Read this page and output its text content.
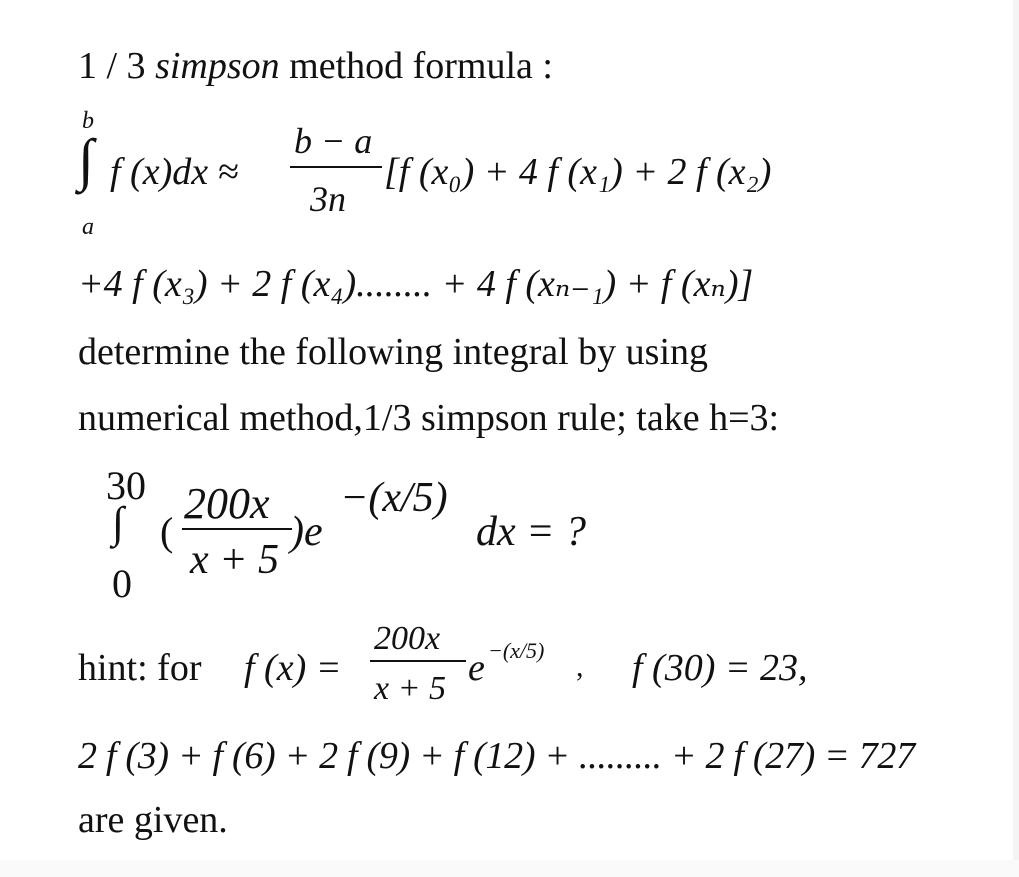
1 / 3 simpson method formula :
b
∫
a
f (x)dx ≈
b − a
3n
[f (x₀) + 4 f (x₁) + 2 f (x₂)
+4 f (x₃) + 2 f (x₄)........ + 4 f (xₙ₋₁) + f (xₙ)]
determine the following integral by using
numerical method,1/3 simpson rule; take h=3:
30
∫
0
(
200x
x + 5
)e
−(x/5)
dx = ?
hint: for f (x) =
200x
x + 5 e −(x/5) , f (30) = 23,
2 f (3) + f (6) + 2 f (9) + f (12) + ......... + 2 f (27) = 727
are given.
